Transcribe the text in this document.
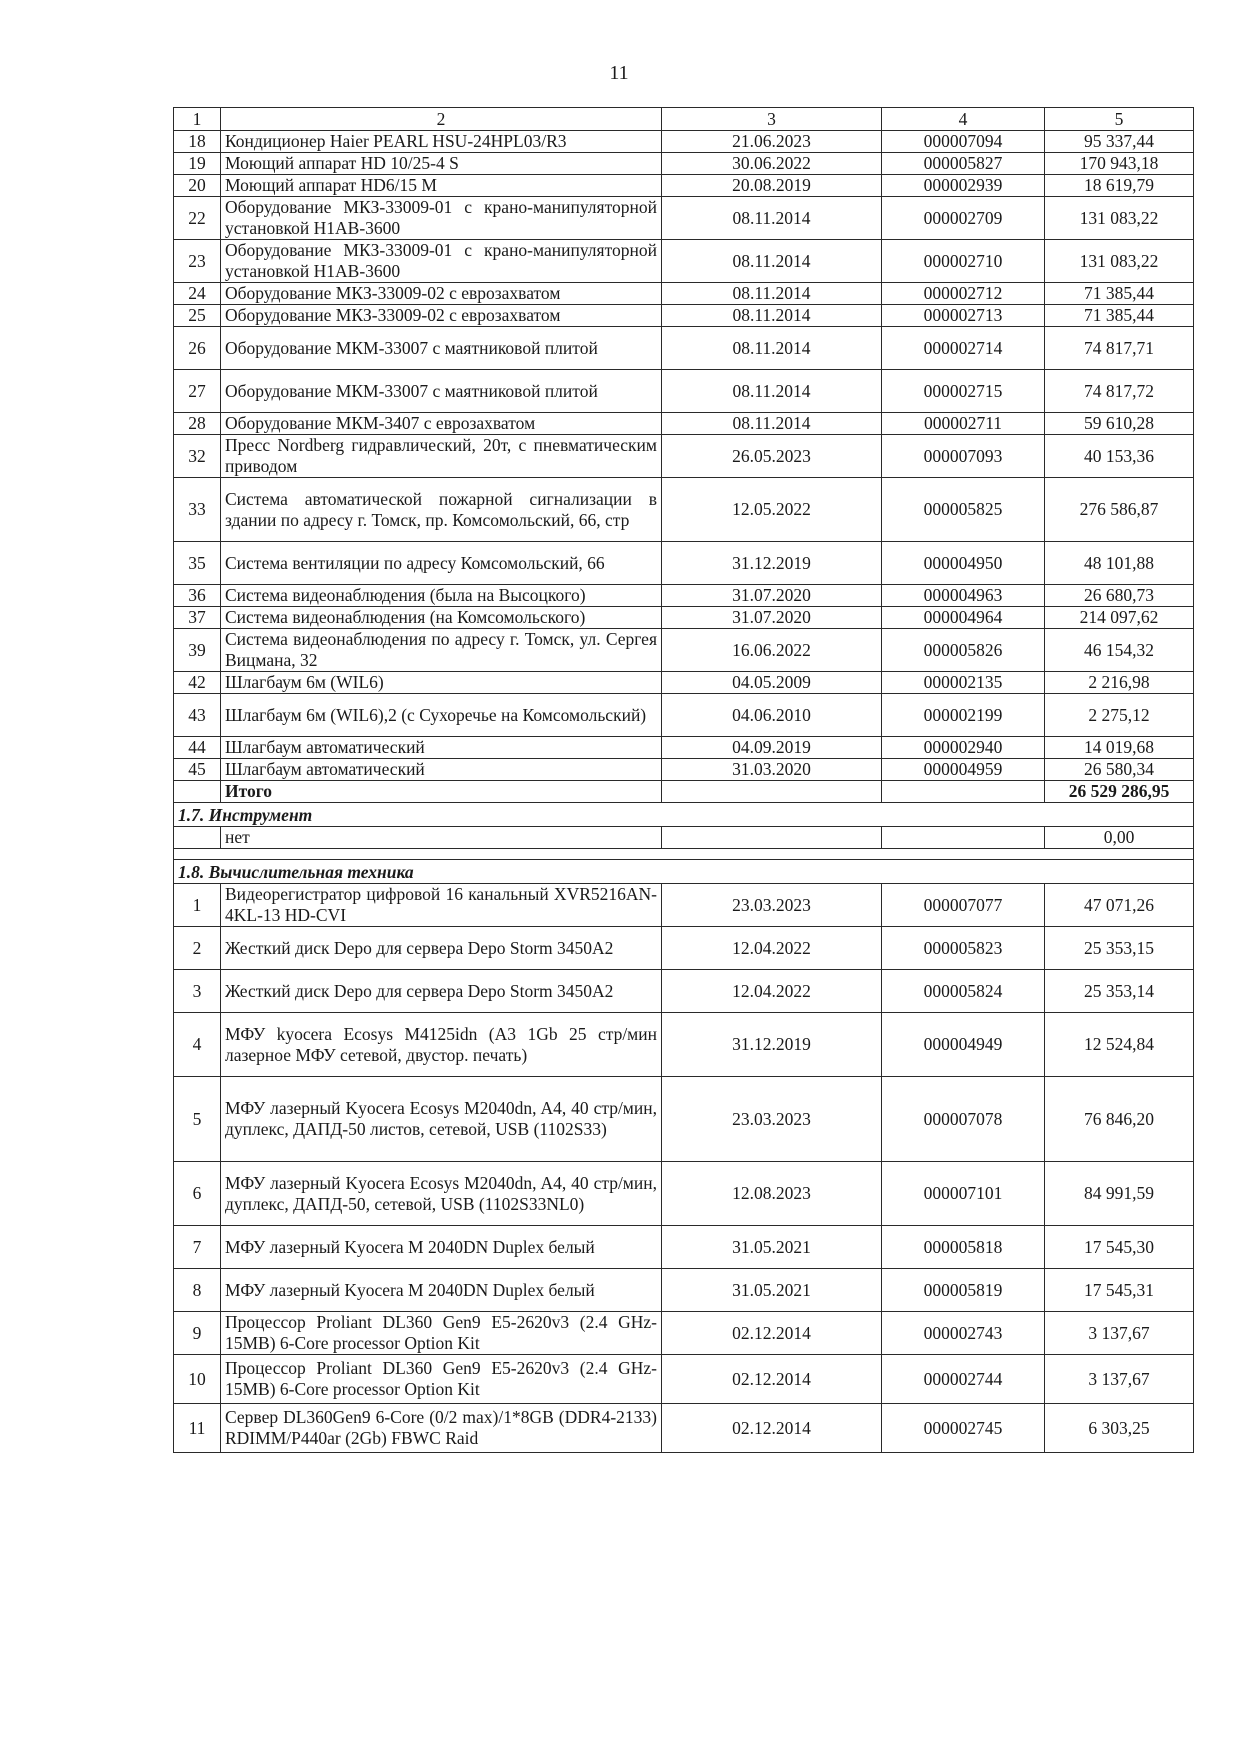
11
1	2	3	4	5
18	Кондиционер Haier PEARL HSU-24HPL03/R3	21.06.2023	000007094	95 337,44
19	Моющий аппарат HD 10/25-4 S	30.06.2022	000005827	170 943,18
20	Моющий аппарат HD6/15 M	20.08.2019	000002939	18 619,79
22	Оборудование МКЗ-33009-01 с крано-манипуляторной установкой H1AB-3600	08.11.2014	000002709	131 083,22
23	Оборудование МКЗ-33009-01 с крано-манипуляторной установкой H1AB-3600	08.11.2014	000002710	131 083,22
24	Оборудование МКЗ-33009-02 с еврозахватом	08.11.2014	000002712	71 385,44
25	Оборудование МКЗ-33009-02 с еврозахватом	08.11.2014	000002713	71 385,44
26	Оборудование МКМ-33007 с маятниковой плитой	08.11.2014	000002714	74 817,71
27	Оборудование МКМ-33007 с маятниковой плитой	08.11.2014	000002715	74 817,72
28	Оборудование МКМ-3407 с еврозахватом	08.11.2014	000002711	59 610,28
32	Пресс Nordberg гидравлический, 20т, с пневматическим приводом	26.05.2023	000007093	40 153,36
33	Система автоматической пожарной сигнализации в здании по адресу г. Томск, пр. Комсомольский, 66, стр	12.05.2022	000005825	276 586,87
35	Система вентиляции по адресу Комсомольский, 66	31.12.2019	000004950	48 101,88
36	Система видеонаблюдения (была на Высоцкого)	31.07.2020	000004963	26 680,73
37	Система видеонаблюдения (на Комсомольского)	31.07.2020	000004964	214 097,62
39	Система видеонаблюдения по адресу г. Томск, ул. Сергея Вицмана, 32	16.06.2022	000005826	46 154,32
42	Шлагбаум 6м (WIL6)	04.05.2009	000002135	2 216,98
43	Шлагбаум 6м (WIL6),2 (с Сухоречье на Комсомольский)	04.06.2010	000002199	2 275,12
44	Шлагбаум автоматический	04.09.2019	000002940	14 019,68
45	Шлагбаум автоматический	31.03.2020	000004959	26 580,34
	Итого			26 529 286,95
1.7. Инструмент				
	нет			0,00

1.8. Вычислительная техника				
1	Видеорегистратор цифровой 16 канальный XVR5216AN-4KL-13 HD-CVI	23.03.2023	000007077	47 071,26
2	Жесткий диск Depo для сервера Depo Storm 3450A2	12.04.2022	000005823	25 353,15
3	Жесткий диск Depo для сервера Depo Storm 3450A2	12.04.2022	000005824	25 353,14
4	МФУ kyocera Ecosys M4125idn (A3 1Gb 25 стр/мин лазерное МФУ сетевой, двустор. печать)	31.12.2019	000004949	12 524,84
5	МФУ лазерный Kyocera Ecosys M2040dn, A4, 40 стр/мин, дуплекс, ДАПД-50 листов, сетевой, USB (1102S33)	23.03.2023	000007078	76 846,20
6	МФУ лазерный Kyocera Ecosys M2040dn, A4, 40 стр/мин, дуплекс, ДАПД-50, сетевой, USB (1102S33NL0)	12.08.2023	000007101	84 991,59
7	МФУ лазерный Kyocera M 2040DN Duplex белый	31.05.2021	000005818	17 545,30
8	МФУ лазерный Kyocera M 2040DN Duplex белый	31.05.2021	000005819	17 545,31
9	Процессор Proliant DL360 Gen9 E5-2620v3 (2.4 GHz-15MB) 6-Core processor Option Kit	02.12.2014	000002743	3 137,67
10	Процессор Proliant DL360 Gen9 E5-2620v3 (2.4 GHz-15MB) 6-Core processor Option Kit	02.12.2014	000002744	3 137,67
11	Сервер DL360Gen9 6-Core (0/2 max)/1*8GB (DDR4-2133) RDIMM/P440ar (2Gb) FBWC Raid	02.12.2014	000002745	6 303,25
